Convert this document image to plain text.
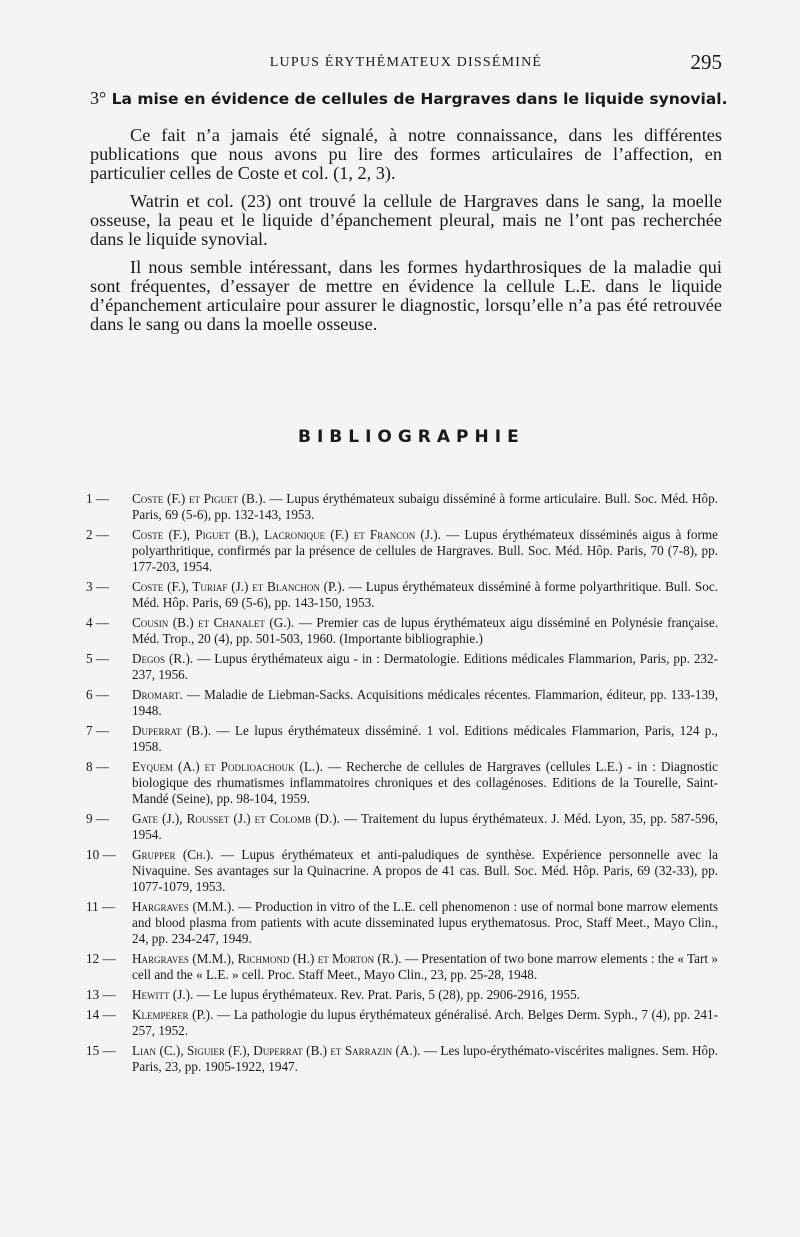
LUPUS ÉRYTHÉMATEUX DISSÉMINÉ	295
3° La mise en évidence de cellules de Hargraves dans le liquide synovial.

Ce fait n’a jamais été signalé, à notre connaissance, dans les différentes publications que nous avons pu lire des formes articulaires de l’affection, en particulier celles de Coste et col. (1, 2, 3).

Watrin et col. (23) ont trouvé la cellule de Hargraves dans le sang, la moelle osseuse, la peau et le liquide d’épanchement pleural, mais ne l’ont pas recherchée dans le liquide synovial.

Il nous semble intéressant, dans les formes hydarthrosiques de la maladie qui sont fréquentes, d’essayer de mettre en évidence la cellule L.E. dans le liquide d’épanchement articulaire pour assurer le diagnostic, lorsqu’elle n’a pas été retrouvée dans le sang ou dans la moelle osseuse.

BIBLIOGRAPHIE
1 —	Coste (F.) et Piguet (B.). — Lupus érythémateux subaigu disséminé à forme articulaire. Bull. Soc. Méd. Hôp. Paris, 69 (5-6), pp. 132-143, 1953.
2 —	Coste (F.), Piguet (B.), Lacronique (F.) et Francon (J.). — Lupus érythémateux disséminés aigus à forme polyarthritique, confirmés par la présence de cellules de Hargraves. Bull. Soc. Méd. Hôp. Paris, 70 (7-8), pp. 177-203, 1954.
3 —	Coste (F.), Turiaf (J.) et Blanchon (P.). — Lupus érythémateux disséminé à forme polyarthritique. Bull. Soc. Méd. Hôp. Paris, 69 (5-6), pp. 143-150, 1953.
4 —	Cousin (B.) et Chanalet (G.). — Premier cas de lupus érythémateux aigu disséminé en Polynésie française. Méd. Trop., 20 (4), pp. 501-503, 1960. (Importante bibliographie.)
5 —	Degos (R.). — Lupus érythémateux aigu - in : Dermatologie. Editions médicales Flammarion, Paris, pp. 232-237, 1956.
6 —	Dromart. — Maladie de Liebman-Sacks. Acquisitions médicales récentes. Flammarion, éditeur, pp. 133-139, 1948.
7 —	Duperrat (B.). — Le lupus érythémateux disséminé. 1 vol. Editions médicales Flammarion, Paris, 124 p., 1958.
8 —	Eyquem (A.) et Podlioachouk (L.). — Recherche de cellules de Hargraves (cellules L.E.) - in : Diagnostic biologique des rhumatismes inflammatoires chroniques et des collagénoses. Editions de la Tourelle, Saint-Mandé (Seine), pp. 98-104, 1959.
9 —	Gate (J.), Rousset (J.) et Colomb (D.). — Traitement du lupus érythémateux. J. Méd. Lyon, 35, pp. 587-596, 1954.
10 —	Grupper (Ch.). — Lupus érythémateux et anti-paludiques de synthèse. Expérience personnelle avec la Nivaquine. Ses avantages sur la Quinacrine. A propos de 41 cas. Bull. Soc. Méd. Hôp. Paris, 69 (32-33), pp. 1077-1079, 1953.
11 —	Hargraves (M.M.). — Production in vitro of the L.E. cell phenomenon : use of normal bone marrow elements and blood plasma from patients with acute disseminated lupus erythematosus. Proc, Staff Meet., Mayo Clin., 24, pp. 234-247, 1949.
12 —	Hargraves (M.M.), Richmond (H.) et Morton (R.). — Presentation of two bone marrow elements : the « Tart » cell and the « L.E. » cell. Proc. Staff Meet., Mayo Clin., 23, pp. 25-28, 1948.
13 —	Hewitt (J.). — Le lupus érythémateux. Rev. Prat. Paris, 5 (28), pp. 2906-2916, 1955.
14 —	Klemperer (P.). — La pathologie du lupus érythémateux généralisé. Arch. Belges Derm. Syph., 7 (4), pp. 241-257, 1952.
15 —	Lian (C.), Siguier (F.), Duperrat (B.) et Sarrazin (A.). — Les lupo-érythémato-viscérites malignes. Sem. Hôp. Paris, 23, pp. 1905-1922, 1947.
